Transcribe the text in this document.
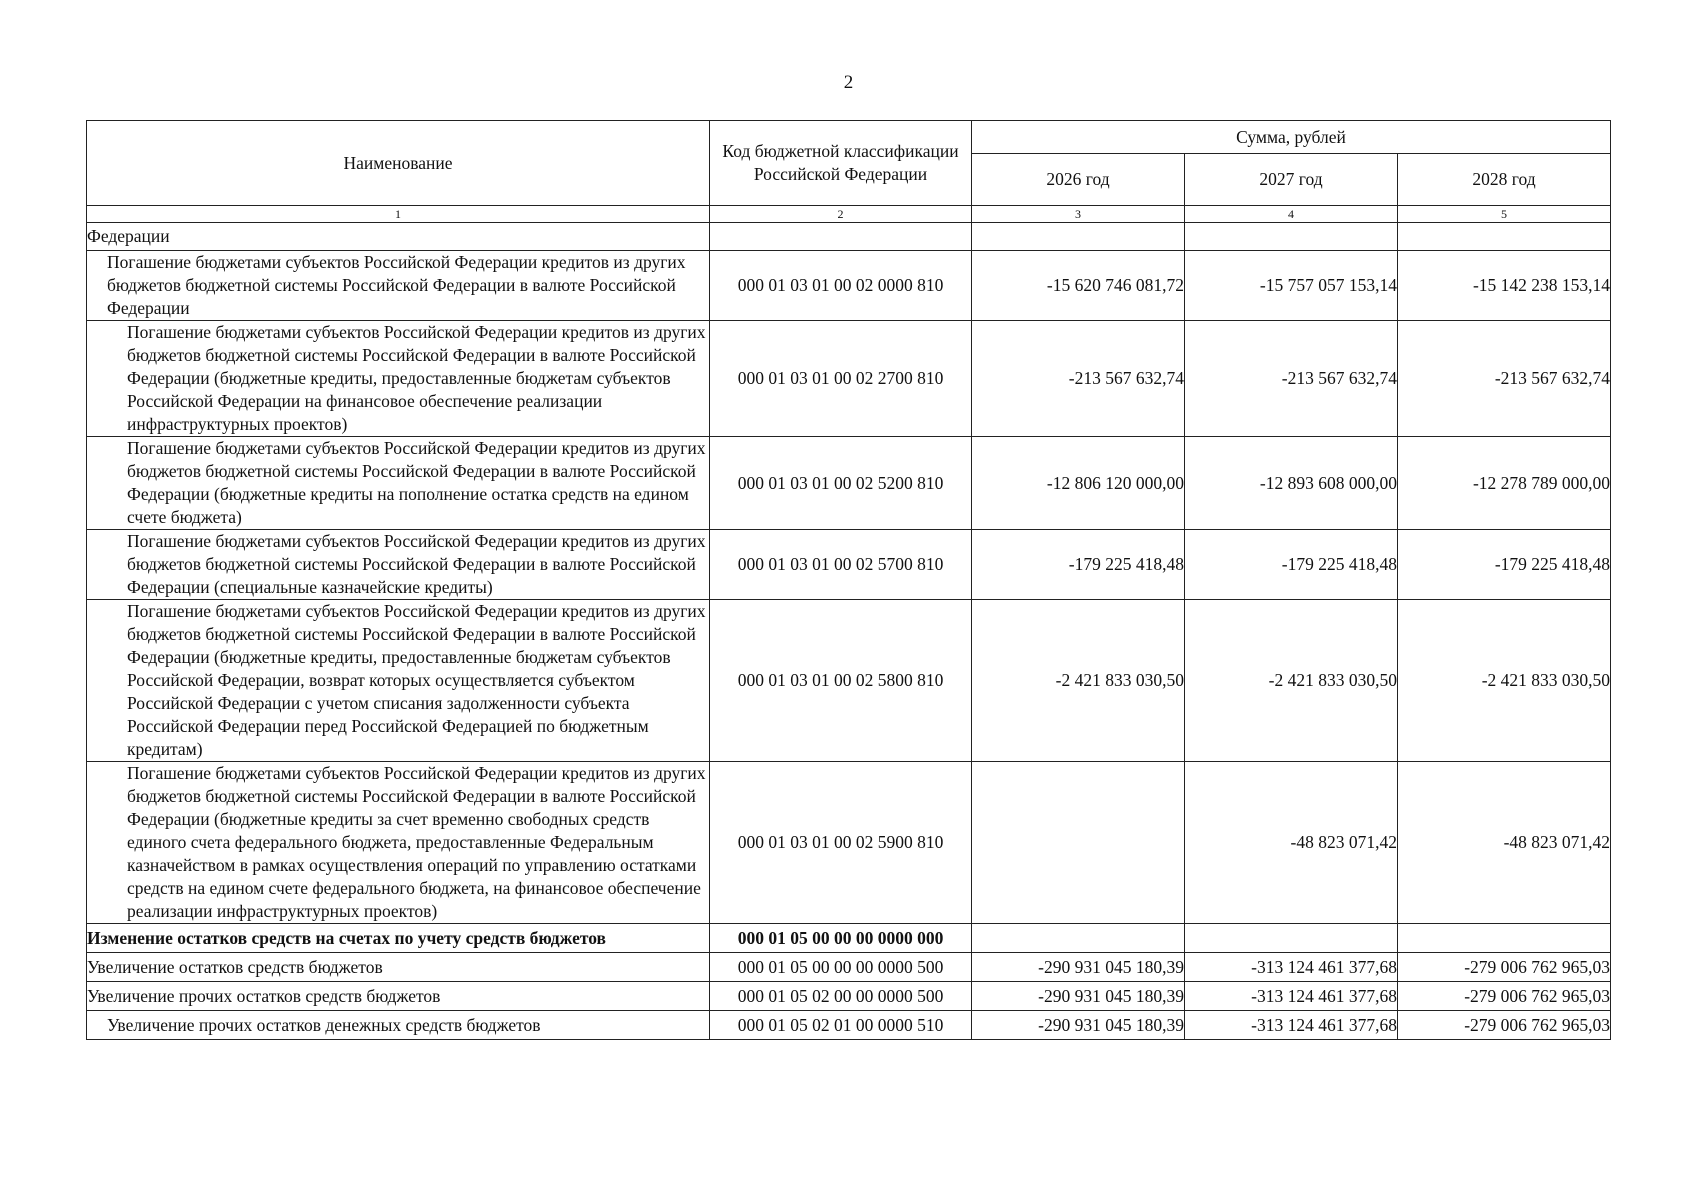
2
Наименование	Код бюджетной классификации Российской Федерации	Сумма, рублей		
		2026 год	2027 год	2028 год
1	2	3	4	5
Федерации				
Погашение бюджетами субъектов Российской Федерации кредитов из других бюджетов бюджетной системы Российской Федерации в валюте Российской Федерации	000 01 03 01 00 02 0000 810	-15 620 746 081,72	-15 757 057 153,14	-15 142 238 153,14
Погашение бюджетами субъектов Российской Федерации кредитов из других бюджетов бюджетной системы Российской Федерации в валюте Российской Федерации (бюджетные кредиты, предоставленные бюджетам субъектов Российской Федерации на финансовое обеспечение реализации инфраструктурных проектов)	000 01 03 01 00 02 2700 810	-213 567 632,74	-213 567 632,74	-213 567 632,74
Погашение бюджетами субъектов Российской Федерации кредитов из других бюджетов бюджетной системы Российской Федерации в валюте Российской Федерации (бюджетные кредиты на пополнение остатка средств на едином счете бюджета)	000 01 03 01 00 02 5200 810	-12 806 120 000,00	-12 893 608 000,00	-12 278 789 000,00
Погашение бюджетами субъектов Российской Федерации кредитов из других бюджетов бюджетной системы Российской Федерации в валюте Российской Федерации (специальные казначейские кредиты)	000 01 03 01 00 02 5700 810	-179 225 418,48	-179 225 418,48	-179 225 418,48
Погашение бюджетами субъектов Российской Федерации кредитов из других бюджетов бюджетной системы Российской Федерации в валюте Российской Федерации (бюджетные кредиты, предоставленные бюджетам субъектов Российской Федерации, возврат которых осуществляется субъектом Российской Федерации с учетом списания задолженности субъекта Российской Федерации перед Российской Федерацией по бюджетным кредитам)	000 01 03 01 00 02 5800 810	-2 421 833 030,50	-2 421 833 030,50	-2 421 833 030,50
Погашение бюджетами субъектов Российской Федерации кредитов из других бюджетов бюджетной системы Российской Федерации в валюте Российской Федерации (бюджетные кредиты за счет временно свободных средств единого счета федерального бюджета, предоставленные Федеральным казначейством в рамках осуществления операций по управлению остатками средств на едином счете федерального бюджета, на финансовое обеспечение реализации инфраструктурных проектов)	000 01 03 01 00 02 5900 810		-48 823 071,42	-48 823 071,42
Изменение остатков средств на счетах по учету средств бюджетов	000 01 05 00 00 00 0000 000			
Увеличение остатков средств бюджетов	000 01 05 00 00 00 0000 500	-290 931 045 180,39	-313 124 461 377,68	-279 006 762 965,03
Увеличение прочих остатков средств бюджетов	000 01 05 02 00 00 0000 500	-290 931 045 180,39	-313 124 461 377,68	-279 006 762 965,03
Увеличение прочих остатков денежных средств бюджетов	000 01 05 02 01 00 0000 510	-290 931 045 180,39	-313 124 461 377,68	-279 006 762 965,03
